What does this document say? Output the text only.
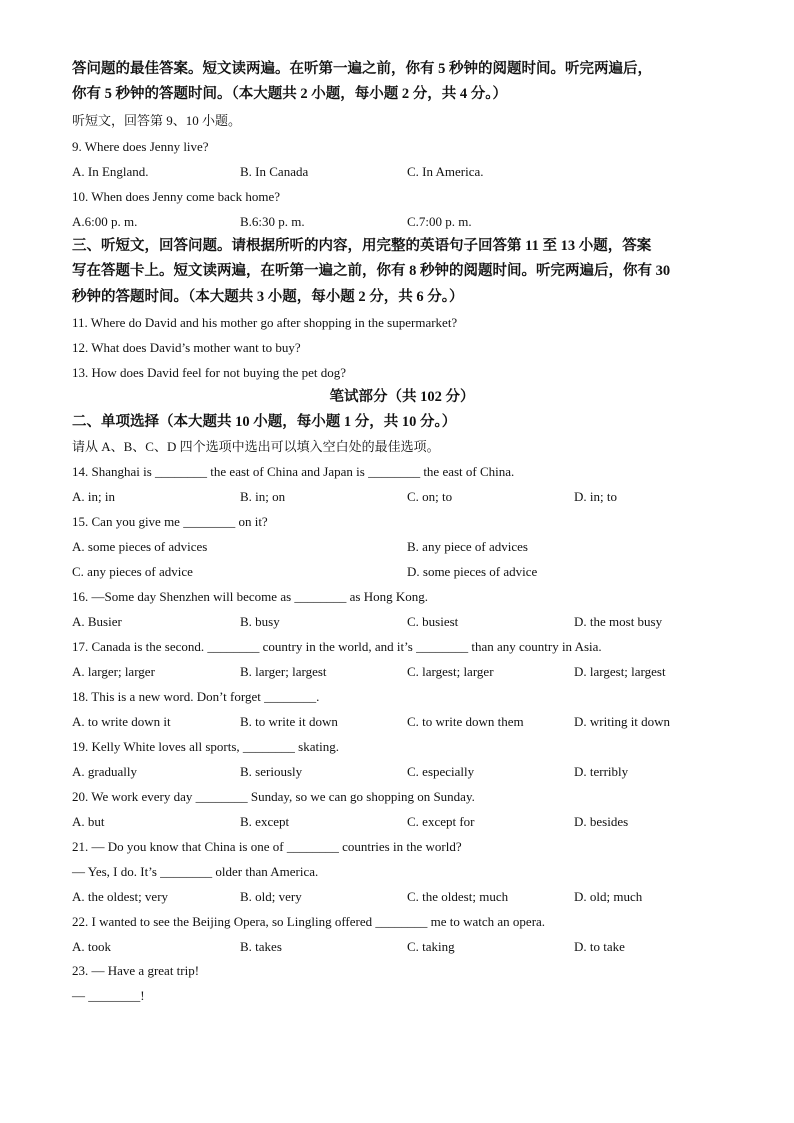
答问题的最佳答案。短文读两遍。在听第一遍之前，你有 5 秒钟的阅题时间。听完两遍后，
你有 5 秒钟的答题时间。（本大题共 2 小题，每小题 2 分，共 4 分。）
听短文，回答第 9、10 小题。
9. Where does Jenny live?
A. In England.	B. In Canada	C. In America.
10. When does Jenny come back home?
A.6:00 p. m.	B.6:30 p. m.	C.7:00 p. m.
三、听短文，回答问题。请根据所听的内容，用完整的英语句子回答第 11 至 13 小题，答案
写在答题卡上。短文读两遍，在听第一遍之前，你有 8 秒钟的阅题时间。听完两遍后，你有 30
秒钟的答题时间。（本大题共 3 小题，每小题 2 分，共 6 分。）
11. Where do David and his mother go after shopping in the supermarket?
12. What does David’s mother want to buy?
13. How does David feel for not buying the pet dog?
笔试部分（共 102 分）
二、单项选择（本大题共 10 小题，每小题 1 分，共 10 分。）
请从 A、B、C、D 四个选项中选出可以填入空白处的最佳选项。
14. Shanghai is ________ the east of China and Japan is ________ the east of China.
A. in; in	B. in; on	C. on; to	D. in; to
15. Can you give me ________ on it?
A. some pieces of advices	B. any piece of advices
C. any pieces of advice	D. some pieces of advice
16. —Some day Shenzhen will become as ________ as Hong Kong.
A. Busier	B. busy	C. busiest	D. the most busy
17. Canada is the second. ________ country in the world, and it’s ________ than any country in Asia.
A. larger; larger	B. larger; largest	C. largest; larger	D. largest; largest
18. This is a new word. Don’t forget ________.
A. to write down it	B. to write it down	C. to write down them	D. writing it down
19. Kelly White loves all sports, ________ skating.
A. gradually	B. seriously	C. especially	D. terribly
20. We work every day ________ Sunday, so we can go shopping on Sunday.
A. but	B. except	C. except for	D. besides
21. — Do you know that China is one of ________ countries in the world?
— Yes, I do. It’s ________ older than America.
A. the oldest; very	B. old; very	C. the oldest; much	D. old; much
22. I wanted to see the Beijing Opera, so Lingling offered ________ me to watch an opera.
A. took	B. takes	C. taking	D. to take
23. — Have a great trip!
— ________!
